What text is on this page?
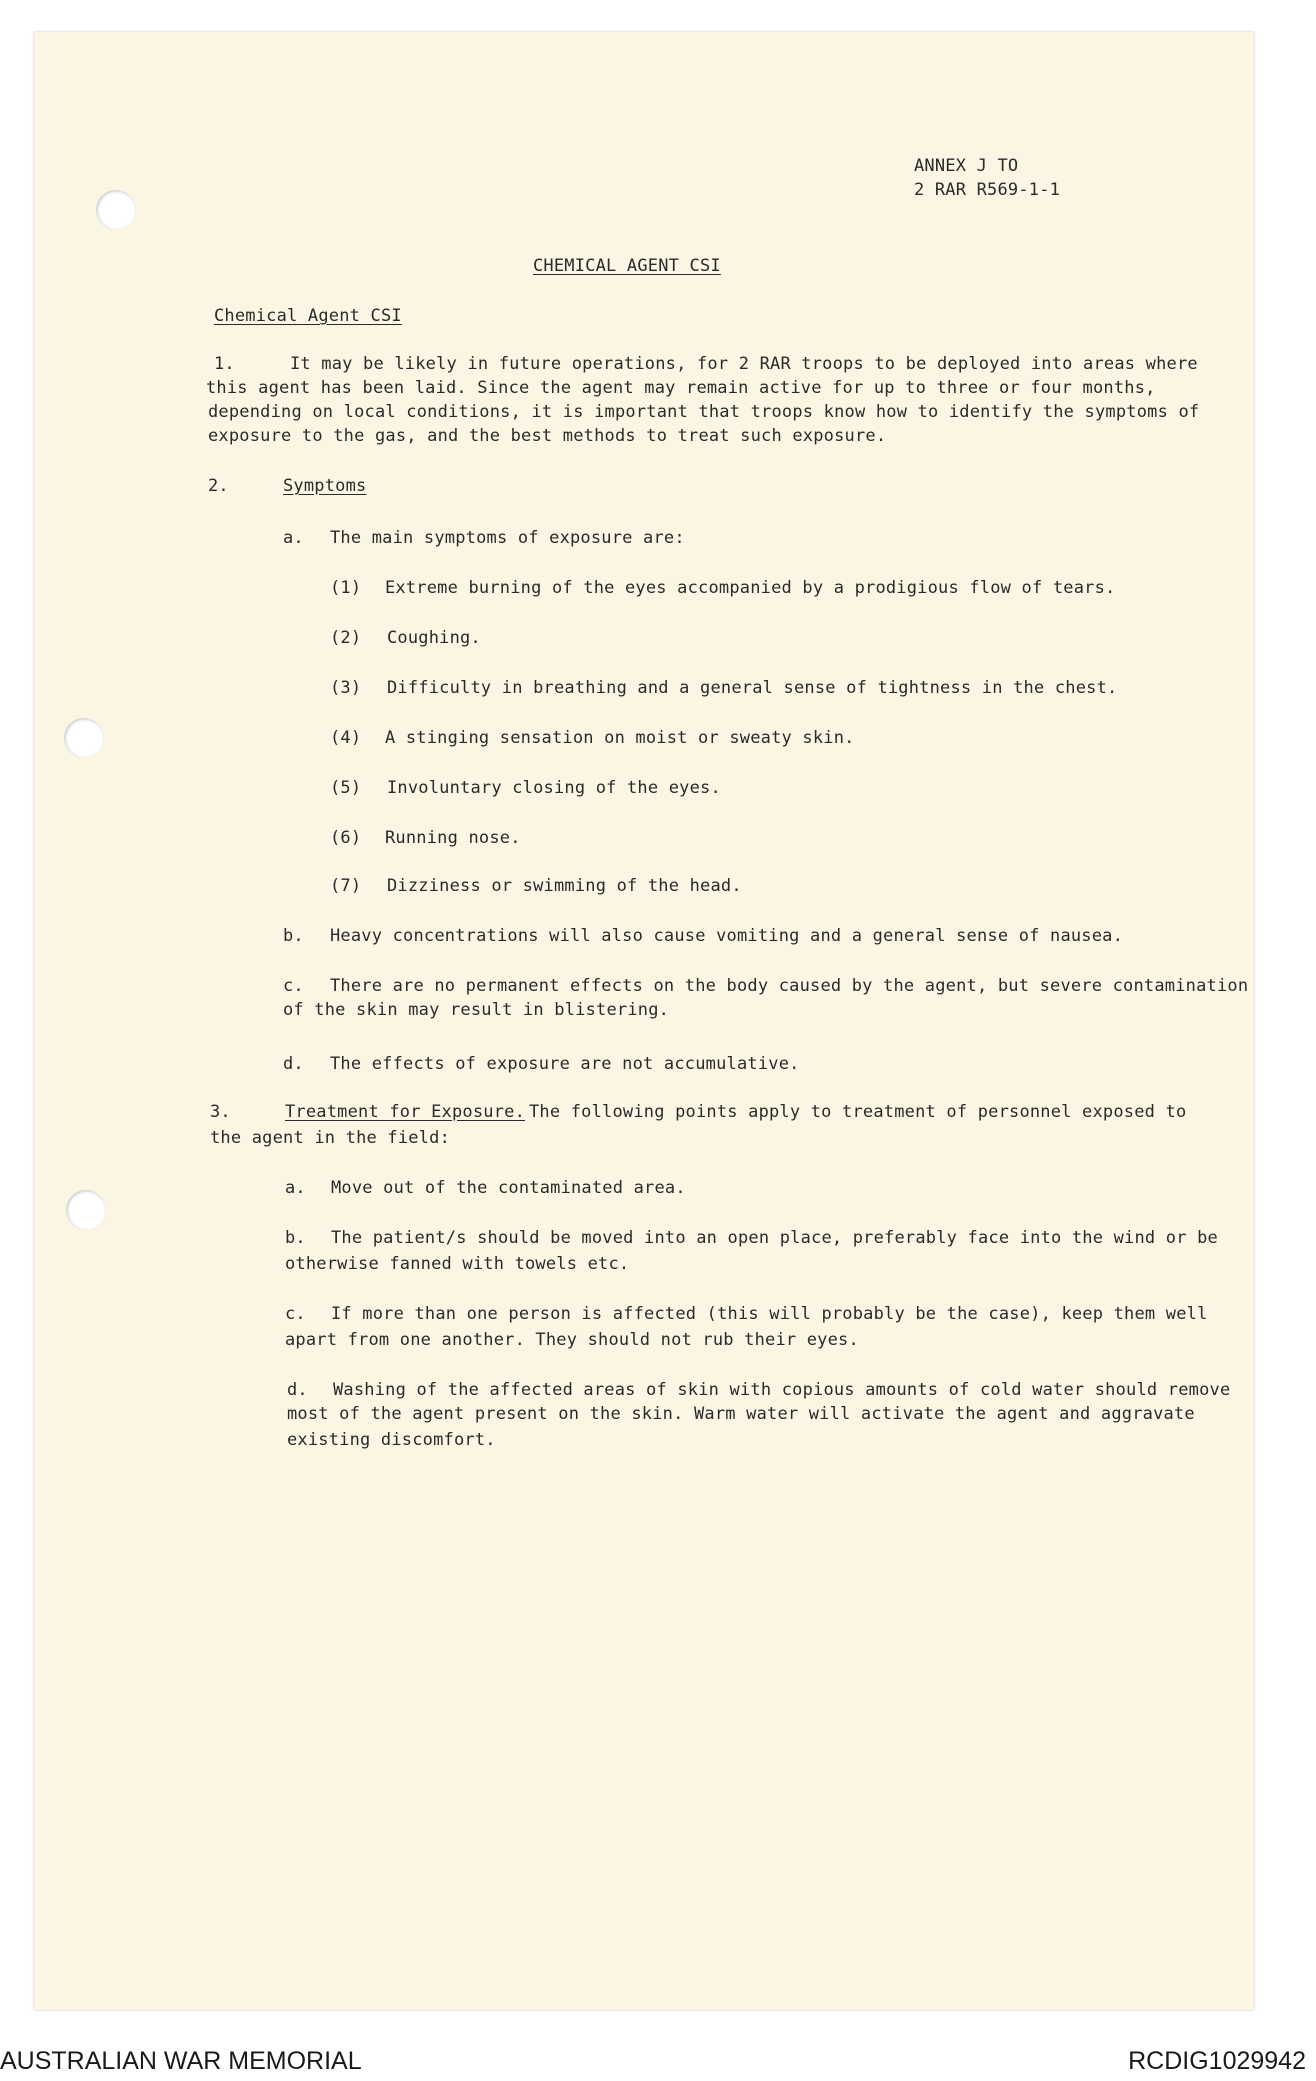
ANNEX J TO
2 RAR R569-1-1
CHEMICAL AGENT CSI
Chemical Agent CSI
1.	It may be likely in future operations, for 2 RAR troops to be deployed into areas where
this agent has been laid. Since the agent may remain active for up to three or four months,
depending on local conditions, it is important that troops know how to identify the symptoms of
exposure to the gas, and the best methods to treat such exposure.
2.	Symptoms
a. The main symptoms of exposure are:
(1) Extreme burning of the eyes accompanied by a prodigious flow of tears.
(2) Coughing.
(3) Difficulty in breathing and a general sense of tightness in the chest.
(4) A stinging sensation on moist or sweaty skin.
(5) Involuntary closing of the eyes.
(6) Running nose.
(7) Dizziness or swimming of the head.
b. Heavy concentrations will also cause vomiting and a general sense of nausea.
c. There are no permanent effects on the body caused by the agent, but severe contamination
of the skin may result in blistering.
d. The effects of exposure are not accumulative.
3.	Treatment for Exposure. The following points apply to treatment of personnel exposed to
the agent in the field:
a. Move out of the contaminated area.
b. The patient/s should be moved into an open place, preferably face into the wind or be
otherwise fanned with towels etc.
c. If more than one person is affected (this will probably be the case), keep them well
apart from one another. They should not rub their eyes.
d. Washing of the affected areas of skin with copious amounts of cold water should remove
most of the agent present on the skin. Warm water will activate the agent and aggravate
existing discomfort.
AUSTRALIAN WAR MEMORIAL	RCDIG1029942
